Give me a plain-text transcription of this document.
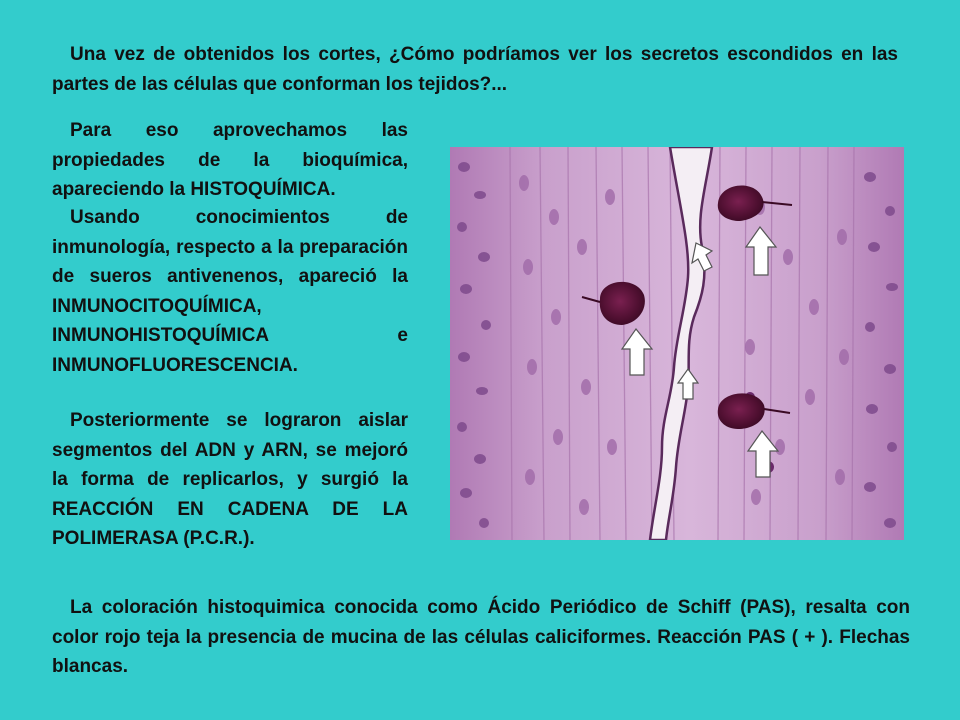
Una vez de obtenidos los cortes, ¿Cómo podríamos ver los secretos escondidos en las partes de las células que conforman los tejidos?...

Para eso aprovechamos las propiedades de la bioquímica, apareciendo la HISTOQUÍMICA.

Usando conocimientos de inmunología, respecto a la preparación de sueros antivenenos, apareció la INMUNOCITOQUÍMICA, INMUNOHISTOQUÍMICA e INMUNOFLUORESCENCIA.

Posteriormente se lograron aislar segmentos del ADN y ARN, se mejoró la forma de replicarlos, y surgió la REACCIÓN EN CADENA DE LA POLIMERASA (P.C.R.).

La coloración histoquimica conocida como Ácido Periódico de Schiff (PAS), resalta con color rojo teja la presencia de mucina de las células caliciformes. Reacción PAS ( + ). Flechas blancas.
